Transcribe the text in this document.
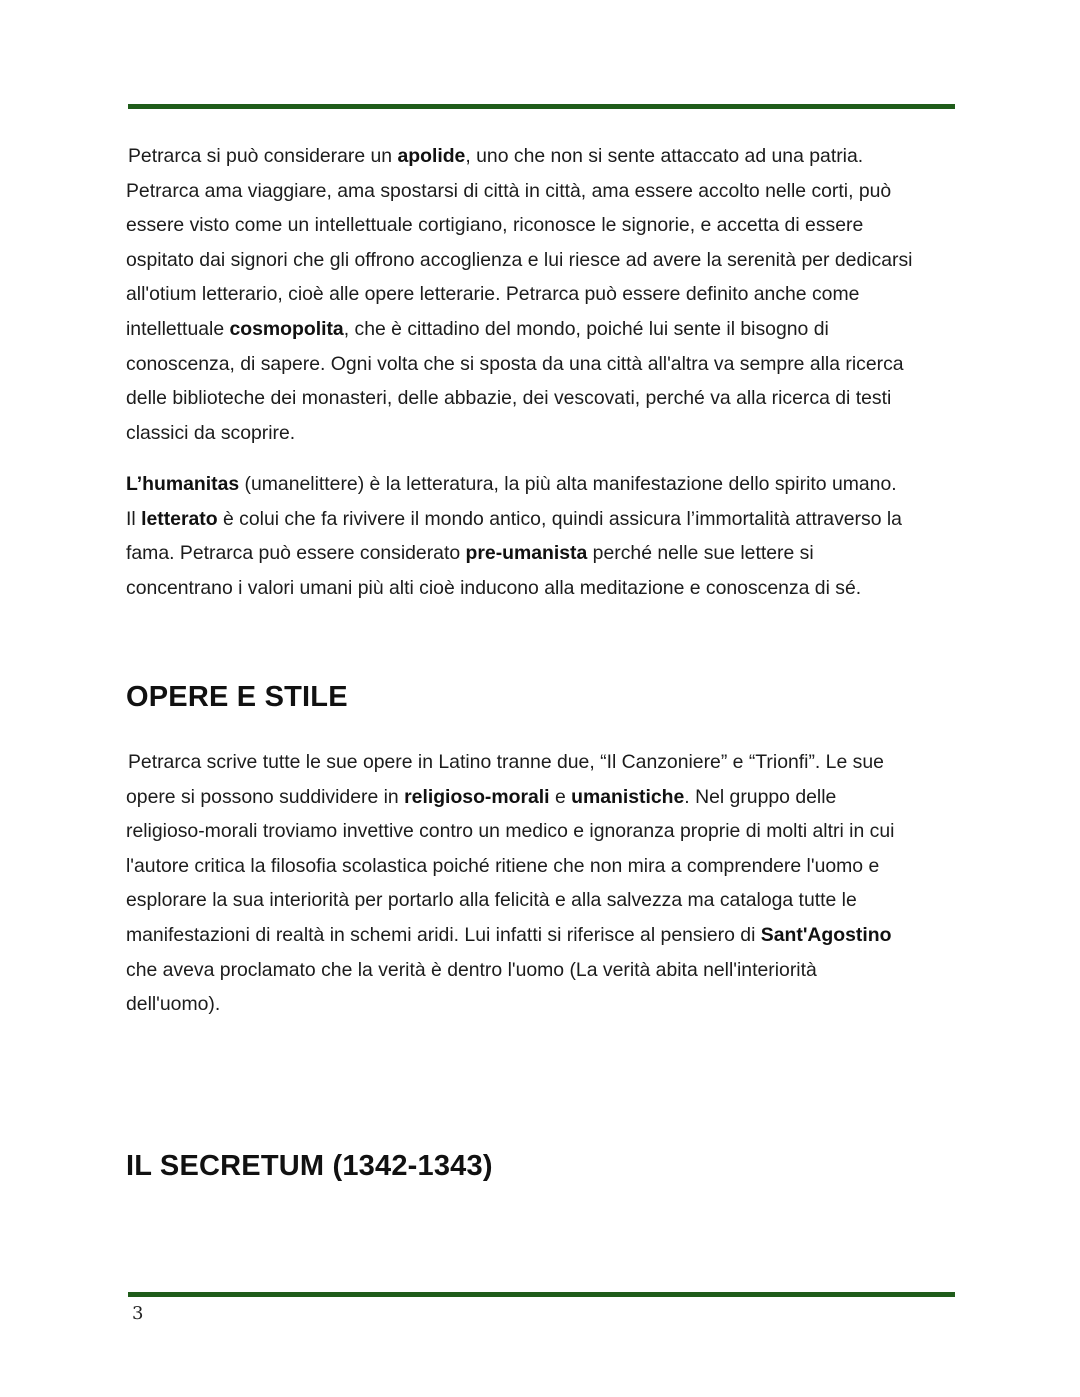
Petrarca si può considerare un apolide, uno che non si sente attaccato ad una patria.
Petrarca ama viaggiare, ama spostarsi di città in città, ama essere accolto nelle corti, può
essere visto come un intellettuale cortigiano, riconosce le signorie, e accetta di essere
ospitato dai signori che gli offrono accoglienza e lui riesce ad avere la serenità per dedicarsi
all'otium letterario, cioè alle opere letterarie. Petrarca può essere definito anche come
intellettuale cosmopolita, che è cittadino del mondo, poiché lui sente il bisogno di
conoscenza, di sapere. Ogni volta che si sposta da una città all'altra va sempre alla ricerca
delle biblioteche dei monasteri, delle abbazie, dei vescovati, perché va alla ricerca di testi
classici da scoprire.

L’humanitas (umanelittere) è la letteratura, la più alta manifestazione dello spirito umano.
Il letterato è colui che fa rivivere il mondo antico, quindi assicura l’immortalità attraverso la
fama. Petrarca può essere considerato pre-umanista perché nelle sue lettere si
concentrano i valori umani più alti cioè inducono alla meditazione e conoscenza di sé.

OPERE E STILE

Petrarca scrive tutte le sue opere in Latino tranne due, “Il Canzoniere” e “Trionfi”. Le sue
opere si possono suddividere in religioso-morali e umanistiche. Nel gruppo delle
religioso-morali troviamo invettive contro un medico e ignoranza proprie di molti altri in cui
l'autore critica la filosofia scolastica poiché ritiene che non mira a comprendere l'uomo e
esplorare la sua interiorità per portarlo alla felicità e alla salvezza ma cataloga tutte le
manifestazioni di realtà in schemi aridi. Lui infatti si riferisce al pensiero di Sant'Agostino
che aveva proclamato che la verità è dentro l'uomo (La verità abita nell'interiorità
dell'uomo).

IL SECRETUM (1342-1343)
3
